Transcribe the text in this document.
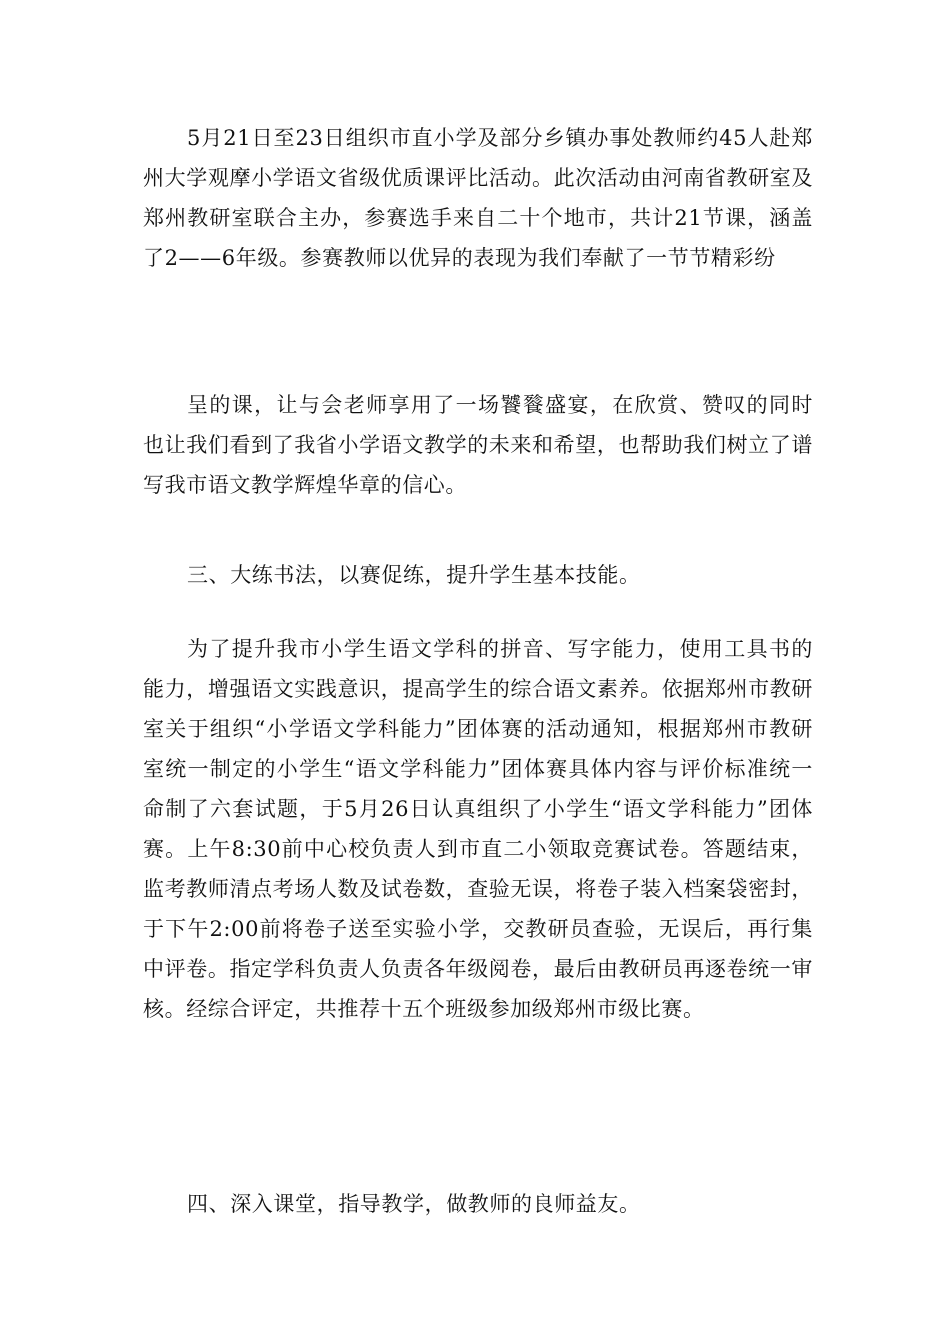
5月21日至23日组织市直小学及部分乡镇办事处教师约45人赴郑州大学观摩小学语文省级优质课评比活动。此次活动由河南省教研室及郑州教研室联合主办，参赛选手来自二十个地市，共计21节课，涵盖了2——6年级。参赛教师以优异的表现为我们奉献了一节节精彩纷

呈的课，让与会老师享用了一场饕餮盛宴，在欣赏、赞叹的同时也让我们看到了我省小学语文教学的未来和希望，也帮助我们树立了谱写我市语文教学辉煌华章的信心。

三、大练书法，以赛促练，提升学生基本技能。

为了提升我市小学生语文学科的拼音、写字能力，使用工具书的能力，增强语文实践意识，提高学生的综合语文素养。依据郑州市教研室关于组织“小学语文学科能力”团体赛的活动通知，根据郑州市教研室统一制定的小学生“语文学科能力”团体赛具体内容与评价标准统一命制了六套试题，于5月26日认真组织了小学生“语文学科能力”团体赛。上午8:30前中心校负责人到市直二小领取竞赛试卷。答题结束，监考教师清点考场人数及试卷数，查验无误，将卷子装入档案袋密封，于下午2:00前将卷子送至实验小学，交教研员查验，无误后，再行集中评卷。指定学科负责人负责各年级阅卷，最后由教研员再逐卷统一审核。经综合评定，共推荐十五个班级参加级郑州市级比赛。

四、深入课堂，指导教学，做教师的良师益友。
